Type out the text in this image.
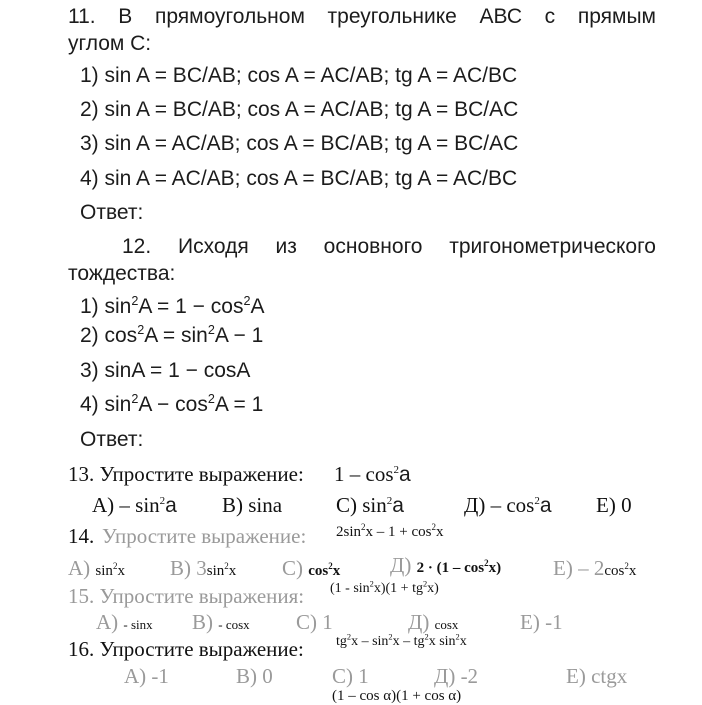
11. В прямоугольном треугольнике АВС с прямым
углом С:
1) sin A = BC/AB; cos A = AC/AB; tg A = AC/BC
2) sin A = BC/AB; cos A = AC/AB; tg A = BC/AC
3) sin A = AC/AB; cos A = BC/AB; tg A = BC/AC
4) sin A = AC/AB; cos A = BC/AB; tg A = AC/BC
Ответ:
12. Исходя из основного тригонометрического
тождества:
1) $\sin^2A = 1 - \cos^2A$
2) $\cos^2A = \sin^2A - 1$
3) sinA = 1 − cosA
4) $\sin^2A - \cos^2A = 1$
Ответ:
13. Упростите выражение: $1 - \cos^2a$
$А) - \sin^2a$ В) sina	С) $\sin^2a$	$Д) - \cos^2a$ Е) 0
14. Упростите выражение: $2\sin^2x - 1 + \cos^2x$
А) $\sin^2x$ В) $3\sin^2x$ С) $\cos^2x$ Д) $2 \cdot (1 - \cos^2x)$ $Е) - 2\cos^2x$
15. Упростите выражения: $(1 - \sin^2x)(1 + tg^2x)$
А) - sinx В) - cosx С) 1	Д) cosx	Е) -1
16. Упростите выражение: $tg^2x - \sin^2x - tg^2x$ $\sin^2x$
А) -1	В) 0	С) 1	Д) -2	Е) ctgx
(1 – cos α)(1 + cos α)
